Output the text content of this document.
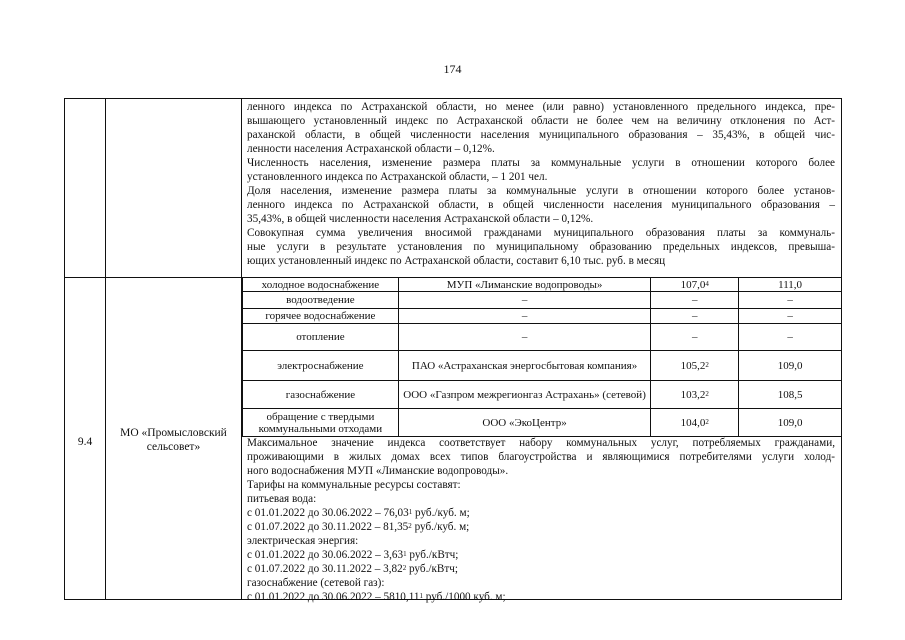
174
ленного индекса по Астраханской области, но менее (или равно) установленного предельного индекса, пре-
вышающего установленный индекс по Астраханской области не более чем на величину отклонения по Аст-
раханской области, в общей численности населения муниципального образования – 35,43%, в общей чис-
ленности населения Астраханской области – 0,12%.
Численность населения, изменение размера платы за коммунальные услуги в отношении которого более
установленного индекса по Астраханской области, – 1 201 чел.
Доля населения, изменение размера платы за коммунальные услуги в отношении которого более установ-
ленного индекса по Астраханской области, в общей численности населения муниципального образования –
35,43%, в общей численности населения Астраханской области – 0,12%.
Совокупная сумма увеличения вносимой гражданами муниципального образования платы за коммуналь-
ные услуги в результате установления по муниципальному образованию предельных индексов, превыша-
ющих установленный индекс по Астраханской области, составит 6,10 тыс. руб. в месяц
9.4
МО «Промысловский
сельсовет»
холодное водоснабжение	МУП «Лиманские водопроводы»	107,0$^4$	111,0
водоотведение	–	–	–
горячее водоснабжение	–	–	–
отопление	–	–	–
электроснабжение	ПАО «Астраханская энергосбытовая компания»	105,2$^2$	109,0
газоснабжение	ООО «Газпром межрегионгаз Астрахань» (сетевой)	103,2$^2$	108,5
обращение с твердыми коммунальными отходами	ООО «ЭкоЦентр»	104,0$^2$	109,0
Максимальное значение индекса соответствует набору коммунальных услуг, потребляемых гражданами,
проживающими в жилых домах всех типов благоустройства и являющимися потребителями услуги холод-
ного водоснабжения МУП «Лиманские водопроводы».
Тарифы на коммунальные ресурсы составят:
питьевая вода:
с 01.01.2022 до 30.06.2022 – 76,03$^1$ руб./куб. м;
с 01.07.2022 до 30.11.2022 – 81,35$^2$ руб./куб. м;
электрическая энергия:
с 01.01.2022 до 30.06.2022 – 3,63$^1$ руб./кВтч;
с 01.07.2022 до 30.11.2022 – 3,82$^2$ руб./кВтч;
газоснабжение (сетевой газ):
с 01.01.2022 до 30.06.2022 – 5810,11$^1$ руб./1000 куб. м;
